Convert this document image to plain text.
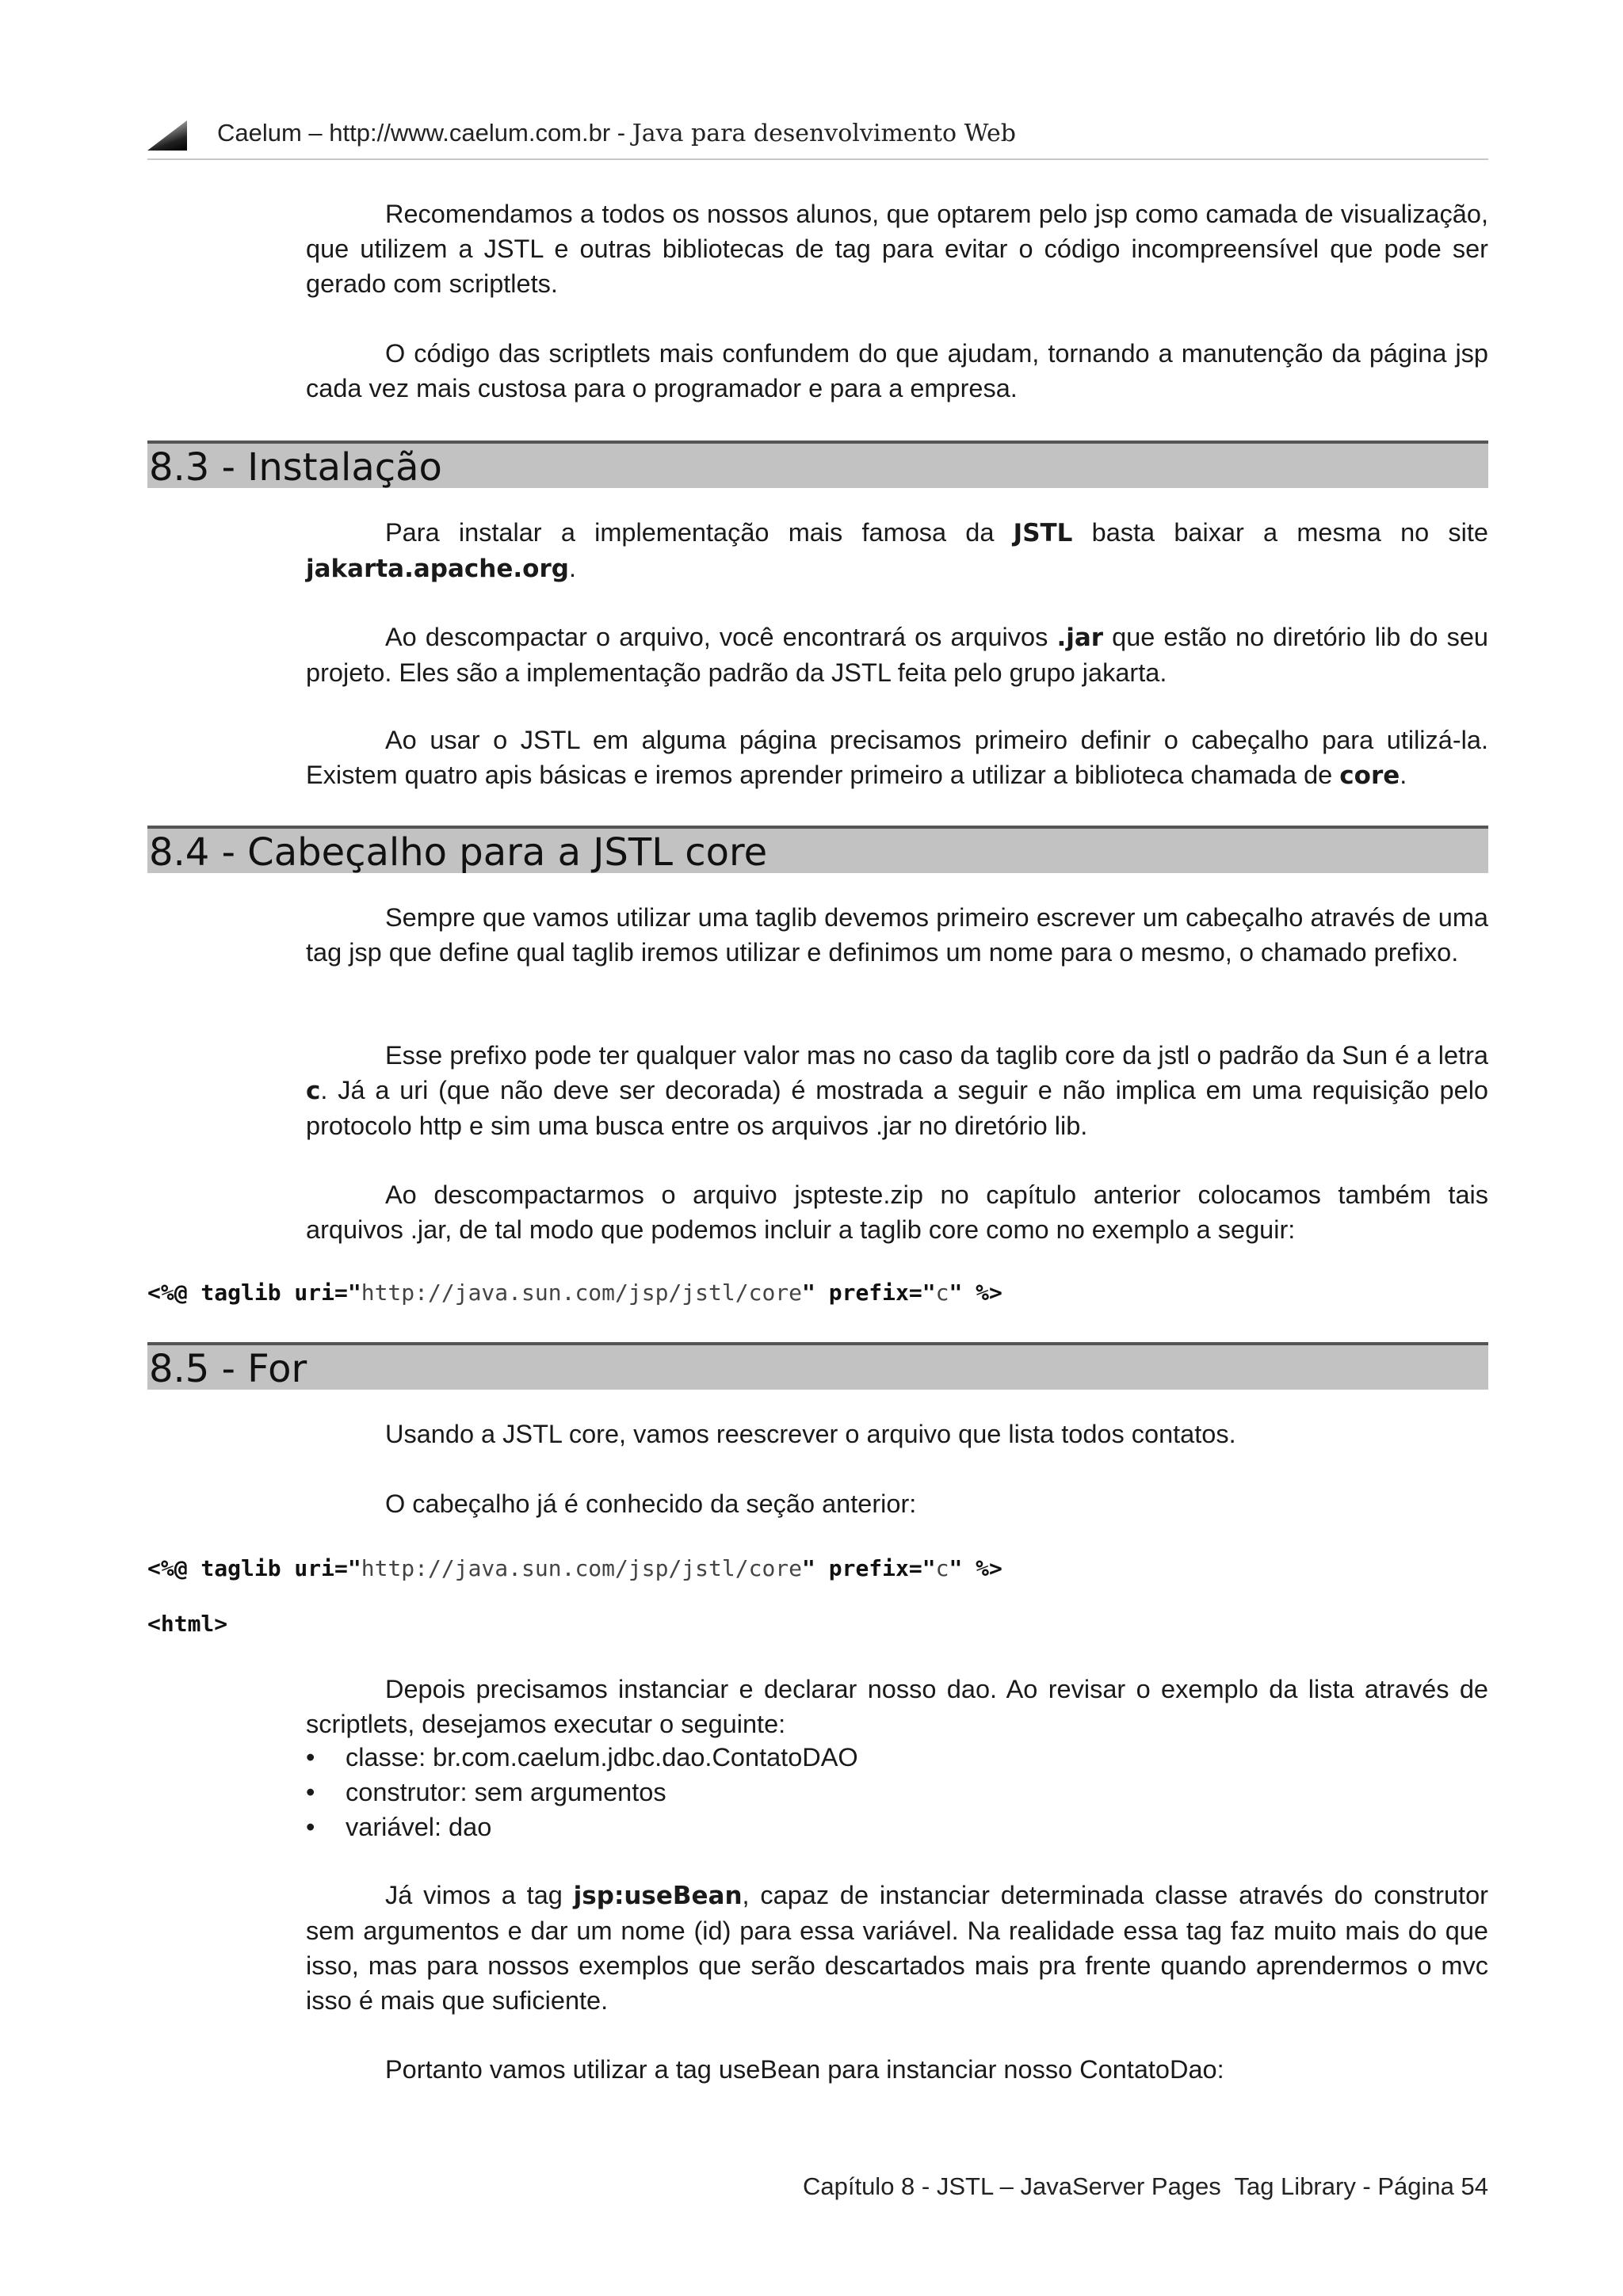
Caelum – http://www.caelum.com.br - Java para desenvolvimento Web
Recomendamos a todos os nossos alunos, que optarem pelo jsp como camada de visualização, que utilizem a JSTL e outras bibliotecas de tag para evitar o código incompreensível que pode ser gerado com scriptlets.
O código das scriptlets mais confundem do que ajudam, tornando a manutenção da página jsp cada vez mais custosa para o programador e para a empresa.
8.3 - Instalação
Para instalar a implementação mais famosa da JSTL basta baixar a mesma no site jakarta.apache.org.
Ao descompactar o arquivo, você encontrará os arquivos .jar que estão no diretório lib do seu projeto. Eles são a implementação padrão da JSTL feita pelo grupo jakarta.
Ao usar o JSTL em alguma página precisamos primeiro definir o cabeçalho para utilizá-la. Existem quatro apis básicas e iremos aprender primeiro a utilizar a biblioteca chamada de core.
8.4 - Cabeçalho para a JSTL core
Sempre que vamos utilizar uma taglib devemos primeiro escrever um cabeçalho através de uma tag jsp que define qual taglib iremos utilizar e definimos um nome para o mesmo, o chamado prefixo.
Esse prefixo pode ter qualquer valor mas no caso da taglib core da jstl o padrão da Sun é a letra c. Já a uri (que não deve ser decorada) é mostrada a seguir e não implica em uma requisição pelo protocolo http e sim uma busca entre os arquivos .jar no diretório lib.
Ao descompactarmos o arquivo jspteste.zip no capítulo anterior colocamos também tais arquivos .jar, de tal modo que podemos incluir a taglib core como no exemplo a seguir:
<%@ taglib uri="http://java.sun.com/jsp/jstl/core" prefix="c" %>
8.5 - For
Usando a JSTL core, vamos reescrever o arquivo que lista todos contatos.
O cabeçalho já é conhecido da seção anterior:
<%@ taglib uri="http://java.sun.com/jsp/jstl/core" prefix="c" %>
<html>
Depois precisamos instanciar e declarar nosso dao. Ao revisar o exemplo da lista através de scriptlets, desejamos executar o seguinte:
• classe: br.com.caelum.jdbc.dao.ContatoDAO
• construtor: sem argumentos
• variável: dao
Já vimos a tag jsp:useBean, capaz de instanciar determinada classe através do construtor sem argumentos e dar um nome (id) para essa variável. Na realidade essa tag faz muito mais do que isso, mas para nossos exemplos que serão descartados mais pra frente quando aprendermos o mvc isso é mais que suficiente.
Portanto vamos utilizar a tag useBean para instanciar nosso ContatoDao:
Capítulo 8 - JSTL – JavaServer Pages  Tag Library - Página 54
